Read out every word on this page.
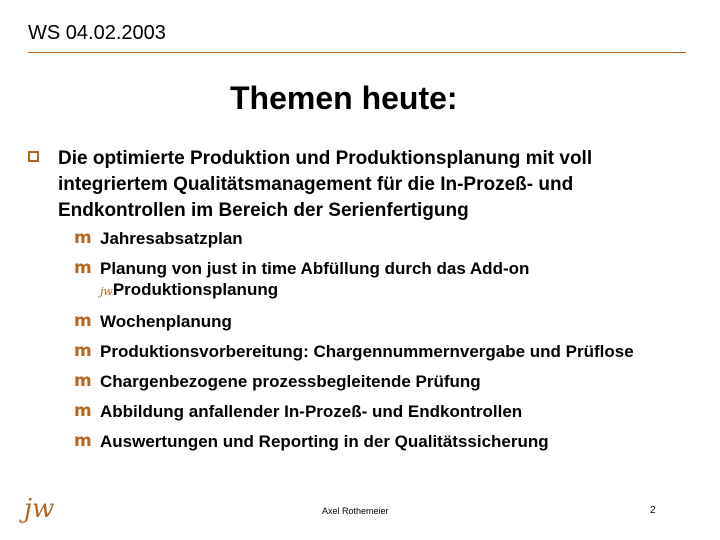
WS 04.02.2003
Themen heute:
Die optimierte Produktion und Produktionsplanung mit voll integriertem Qualitätsmanagement für die In-Prozeß- und Endkontrollen im Bereich der Serienfertigung
m Jahresabsatzplan
m Planung von just in time Abfüllung durch das Add-on
jwProduktionsplanung
m Wochenplanung
m Produktionsvorbereitung: Chargennummernvergabe und Prüflose
m Chargenbezogene prozessbegleitende Prüfung
m Abbildung anfallender In-Prozeß- und Endkontrollen
m Auswertungen und Reporting in der Qualitätssicherung
jw	Axel Rothemeier	2
